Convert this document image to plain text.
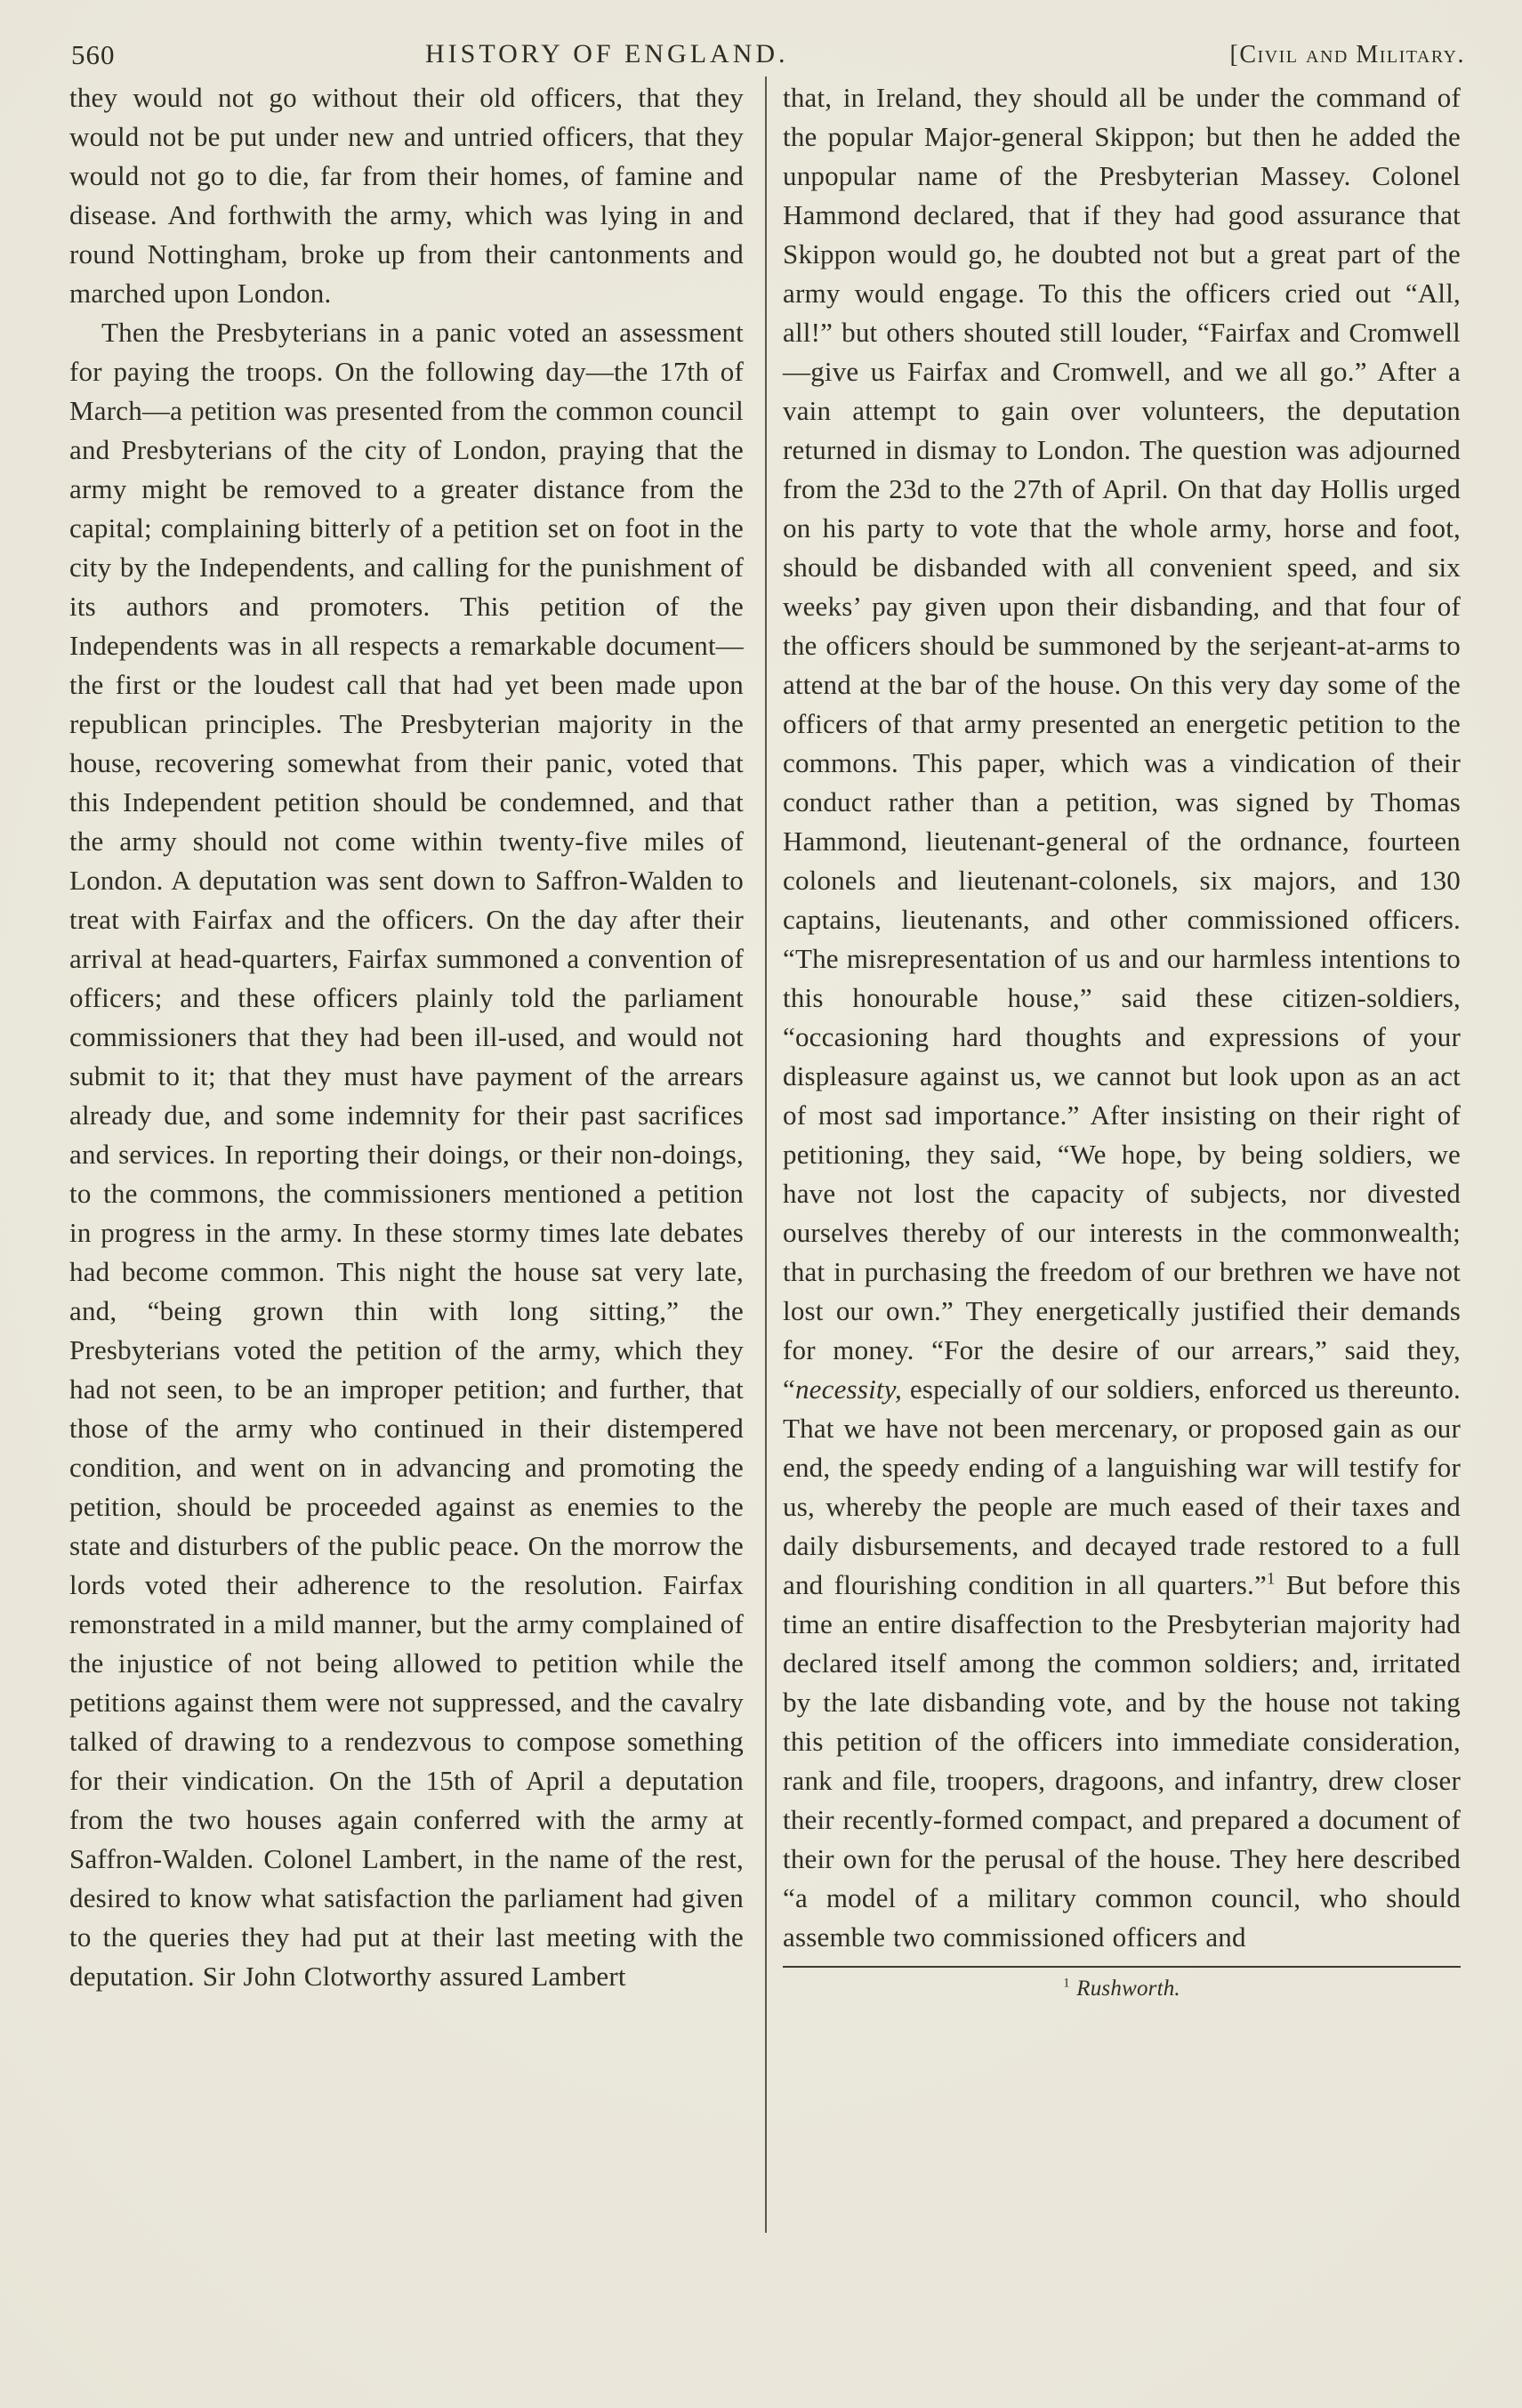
560	HISTORY OF ENGLAND.	[Civil and Military.

they would not go without their old officers, that they would not be put under new and untried officers, that they would not go to die, far from their homes, of famine and disease. And forthwith the army, which was lying in and round Nottingham, broke up from their cantonments and marched upon London.

Then the Presbyterians in a panic voted an assessment for paying the troops. On the following day—the 17th of March—a petition was presented from the common council and Presbyterians of the city of London, praying that the army might be removed to a greater distance from the capital; complaining bitterly of a petition set on foot in the city by the Independents, and calling for the punishment of its authors and promoters. This petition of the Independents was in all respects a remarkable document—the first or the loudest call that had yet been made upon republican principles. The Presbyterian majority in the house, recovering somewhat from their panic, voted that this Independent petition should be condemned, and that the army should not come within twenty-five miles of London. A deputation was sent down to Saffron-Walden to treat with Fairfax and the officers. On the day after their arrival at head-quarters, Fairfax summoned a convention of officers; and these officers plainly told the parliament commissioners that they had been ill-used, and would not submit to it; that they must have payment of the arrears already due, and some indemnity for their past sacrifices and services. In reporting their doings, or their non-doings, to the commons, the commissioners mentioned a petition in progress in the army. In these stormy times late debates had become common. This night the house sat very late, and, “being grown thin with long sitting,” the Presbyterians voted the petition of the army, which they had not seen, to be an improper petition; and further, that those of the army who continued in their distempered condition, and went on in advancing and promoting the petition, should be proceeded against as enemies to the state and disturbers of the public peace. On the morrow the lords voted their adherence to the resolution. Fairfax remonstrated in a mild manner, but the army complained of the injustice of not being allowed to petition while the petitions against them were not suppressed, and the cavalry talked of drawing to a rendezvous to compose something for their vindication. On the 15th of April a deputation from the two houses again conferred with the army at Saffron-Walden. Colonel Lambert, in the name of the rest, desired to know what satisfaction the parliament had given to the queries they had put at their last meeting with the deputation. Sir John Clotworthy assured Lambert

that, in Ireland, they should all be under the command of the popular Major-general Skippon; but then he added the unpopular name of the Presbyterian Massey. Colonel Hammond declared, that if they had good assurance that Skippon would go, he doubted not but a great part of the army would engage. To this the officers cried out “All, all!” but others shouted still louder, “Fairfax and Cromwell—give us Fairfax and Cromwell, and we all go.” After a vain attempt to gain over volunteers, the deputation returned in dismay to London. The question was adjourned from the 23d to the 27th of April. On that day Hollis urged on his party to vote that the whole army, horse and foot, should be disbanded with all convenient speed, and six weeks’ pay given upon their disbanding, and that four of the officers should be summoned by the serjeant-at-arms to attend at the bar of the house. On this very day some of the officers of that army presented an energetic petition to the commons. This paper, which was a vindication of their conduct rather than a petition, was signed by Thomas Hammond, lieutenant-general of the ordnance, fourteen colonels and lieutenant-colonels, six majors, and 130 captains, lieutenants, and other commissioned officers. “The misrepresentation of us and our harmless intentions to this honourable house,” said these citizen-soldiers, “occasioning hard thoughts and expressions of your displeasure against us, we cannot but look upon as an act of most sad importance.” After insisting on their right of petitioning, they said, “We hope, by being soldiers, we have not lost the capacity of subjects, nor divested ourselves thereby of our interests in the commonwealth; that in purchasing the freedom of our brethren we have not lost our own.” They energetically justified their demands for money. “For the desire of our arrears,” said they, “necessity, especially of our soldiers, enforced us thereunto. That we have not been mercenary, or proposed gain as our end, the speedy ending of a languishing war will testify for us, whereby the people are much eased of their taxes and daily disbursements, and decayed trade restored to a full and flourishing condition in all quarters.”$^1$ But before this time an entire disaffection to the Presbyterian majority had declared itself among the common soldiers; and, irritated by the late disbanding vote, and by the house not taking this petition of the officers into immediate consideration, rank and file, troopers, dragoons, and infantry, drew closer their recently-formed compact, and prepared a document of their own for the perusal of the house. They here described “a model of a military common council, who should assemble two commissioned officers and

$^1$ Rushworth.
